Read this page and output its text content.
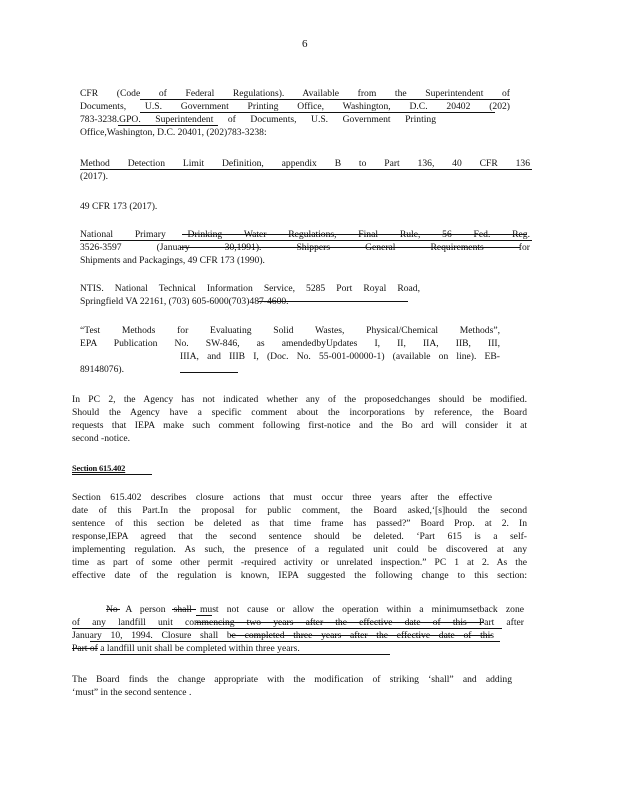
6
CFR (Code of Federal Regulations). Available from the Superintendent of
Documents, U.S. Government Printing Office, Washington, D.C. 20402 (202)
783-3238.GPO. Superintendent of Documents, U.S. Government Printing
Office,Washington, D.C. 20401, (202)783-3238:
Method Detection Limit Definition, appendix B to Part 136, 40 CFR 136
(2017).
49 CFR 173 (2017).
National Primary Drinking Water Regulations, Final Rule, 56 Fed. Reg.
3526-3597 (January 30,1991). Shippers General Requirements for
Shipments and Packagings, 49 CFR 173 (1990).
NTIS. National Technical Information Service, 5285 Port Royal Road,
Springfield VA 22161, (703) 605-6000(703)487-4600.
“Test Methods for Evaluating Solid Wastes, Physical/Chemical Methods”,
EPA Publication No. SW-846, as amendedbyUpdates I, II, IIA, IIB, III,
IIIA, and IIIB I, (Doc. No. 55-001-00000-1) (available on line). EB-
89148076).
In PC 2, the Agency has not indicated whether any of the proposedchanges should be modified.
Should the Agency have a specific comment about the incorporations by reference, the Board
requests that IEPA make such comment following first-notice and the Bo ard will consider it at
second -notice.
Section 615.402
Section 615.402 describes closure actions that must occur three years after the effective
date of this Part.In the proposal for public comment, the Board asked,‘[s]hould the second
sentence of this section be deleted as that time frame has passed?” Board Prop. at 2. In
response,IEPA agreed that the second sentence should be deleted. ‘Part 615 is a self-
implementing regulation. As such, the presence of a regulated unit could be discovered at any
time as part of some other permit -required activity or unrelated inspection.” PC 1 at 2. As the
effective date of the regulation is known, IEPA suggested the following change to this section:
No A person shall must not cause or allow the operation within a minimumsetback zone
of any landfill unit commencing two years after the effective date of this Part after
January 10, 1994. Closure shall be completed three years after the effective date of this
Part of a landfill unit shall be completed within three years.
The Board finds the change appropriate with the modification of striking ‘shall” and adding
‘must” in the second sentence .
